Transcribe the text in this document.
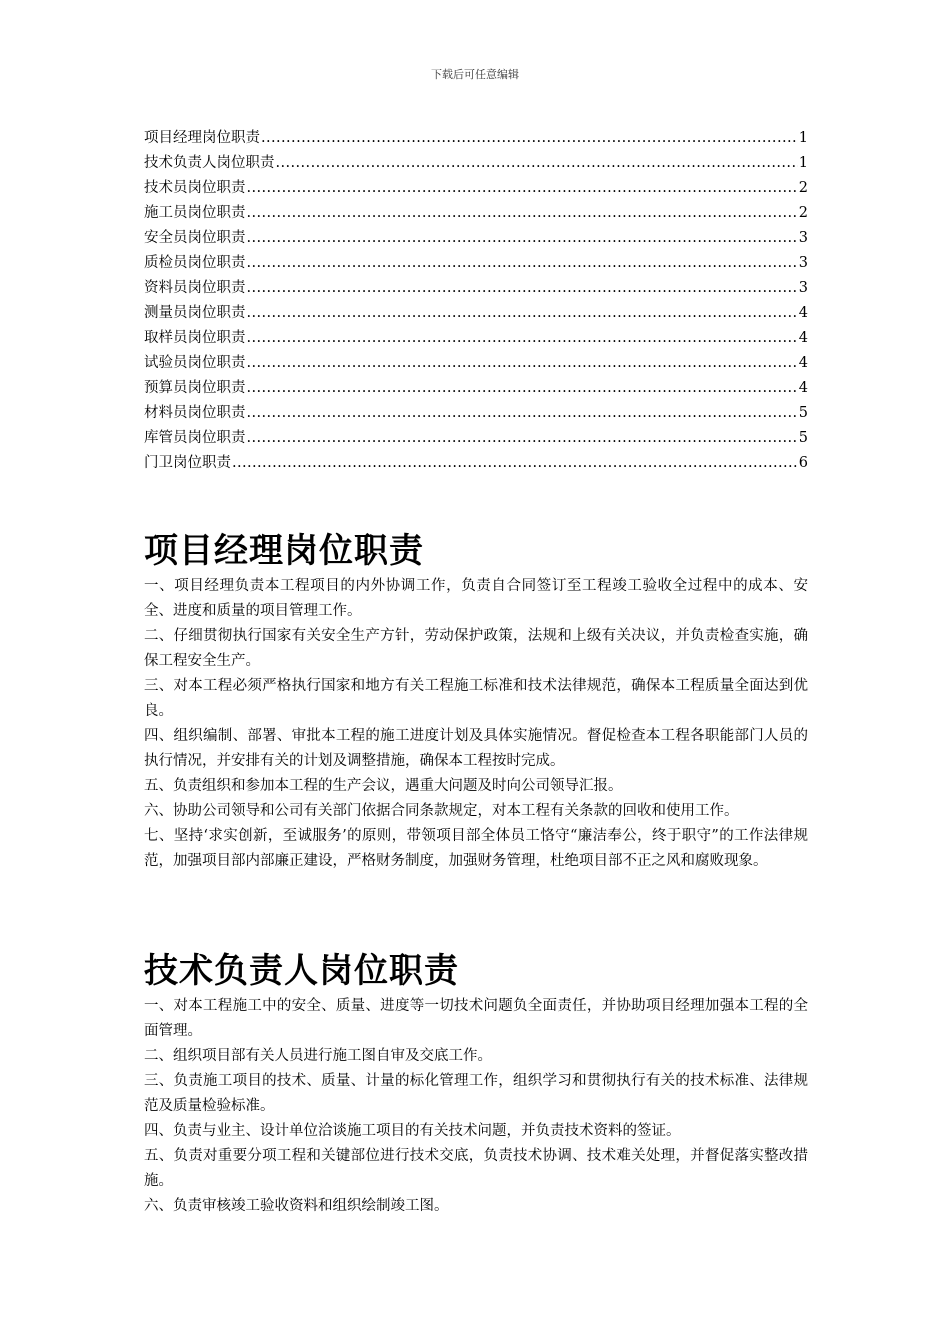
下载后可任意编辑
项目经理岗位职责 .....	1
技术负责人岗位职责 .....	1
技术员岗位职责 .....	2
施工员岗位职责 .....	2
安全员岗位职责 .....	3
质检员岗位职责 .....	3
资料员岗位职责 .....	3
测量员岗位职责 .....	4
取样员岗位职责 .....	4
试验员岗位职责 .....	4
预算员岗位职责 .....	4
材料员岗位职责 .....	5
库管员岗位职责 .....	5
门卫岗位职责 .....	6
项目经理岗位职责

一、项目经理负责本工程项目的内外协调工作，负责自合同签订至工程竣工验收全过程中的成本、安全、进度和质量的项目管理工作。

二、仔细贯彻执行国家有关安全生产方针，劳动保护政策，法规和上级有关决议，并负责检查实施，确保工程安全生产。

三、对本工程必须严格执行国家和地方有关工程施工标准和技术法律规范，确保本工程质量全面达到优良。

四、组织编制、部署、审批本工程的施工进度计划及具体实施情况。督促检查本工程各职能部门人员的执行情况，并安排有关的计划及调整措施，确保本工程按时完成。

五、负责组织和参加本工程的生产会议，遇重大问题及时向公司领导汇报。

六、协助公司领导和公司有关部门依据合同条款规定，对本工程有关条款的回收和使用工作。

七、坚持‘求实创新，至诚服务’的原则，带领项目部全体员工恪守“廉洁奉公，终于职守”的工作法律规范，加强项目部内部廉正建设，严格财务制度，加强财务管理，杜绝项目部不正之风和腐败现象。

技术负责人岗位职责

一、对本工程施工中的安全、质量、进度等一切技术问题负全面责任，并协助项目经理加强本工程的全面管理。

二、组织项目部有关人员进行施工图自审及交底工作。

三、负责施工项目的技术、质量、计量的标化管理工作，组织学习和贯彻执行有关的技术标准、法律规范及质量检验标准。

四、负责与业主、设计单位洽谈施工项目的有关技术问题，并负责技术资料的签证。

五、负责对重要分项工程和关键部位进行技术交底，负责技术协调、技术难关处理，并督促落实整改措施。

六、负责审核竣工验收资料和组织绘制竣工图。
